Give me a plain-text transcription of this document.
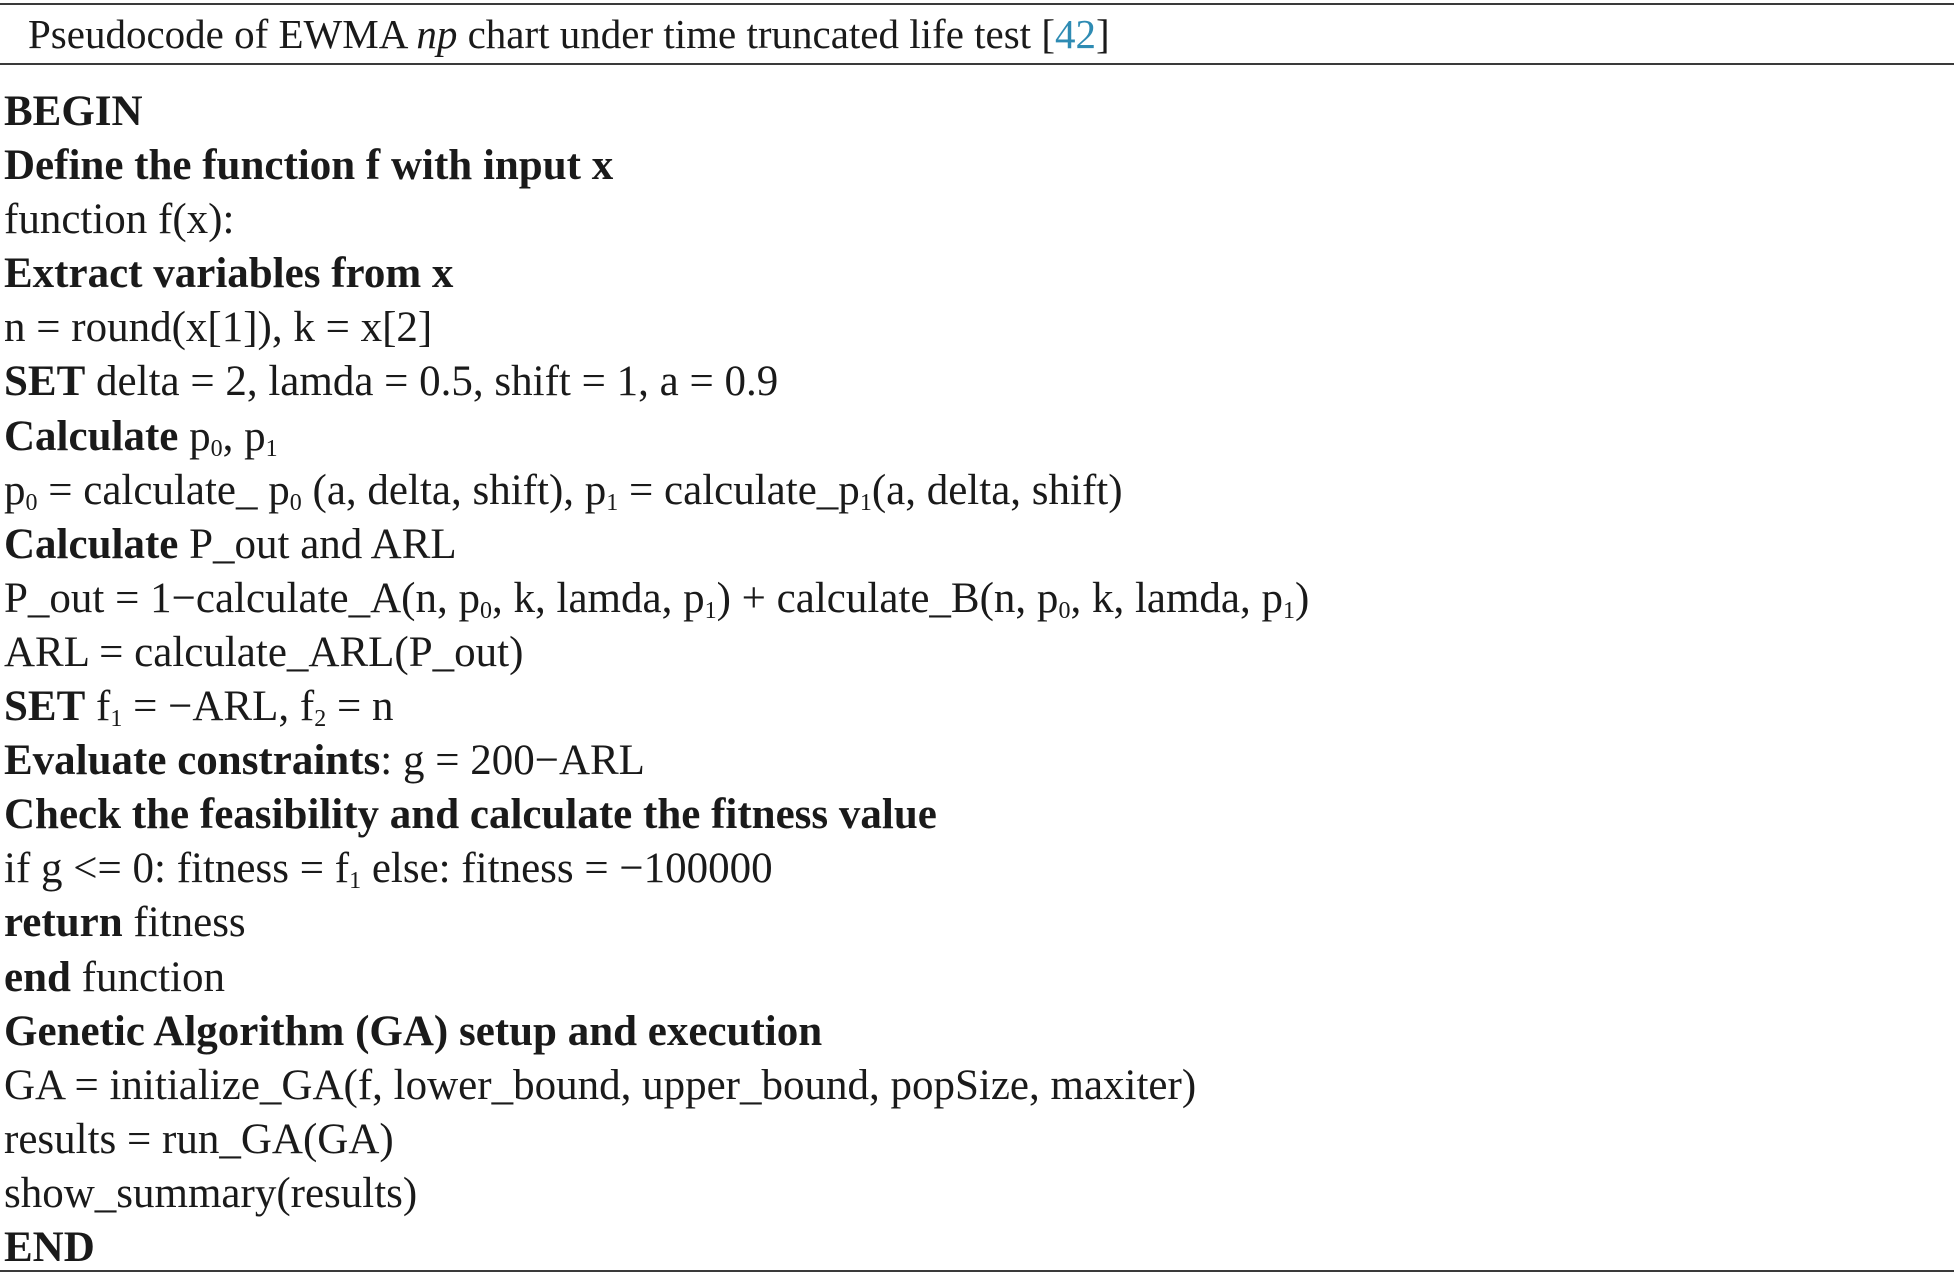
Pseudocode of EWMA np chart under time truncated life test [42]
BEGIN
Define the function f with input x
function f(x):
Extract variables from x
n = round(x[1]), k = x[2]
SET delta = 2, lamda = 0.5, shift = 1, a = 0.9
Calculate $p_0$, $p_1$
$p_0$ = calculate_ $p_0$ (a, delta, shift), $p_1$ = $calculate\_p_1(a$, delta, shift)
Calculate P_out and ARL
P_out = 1−calculate_A(n, $p_0$, k, lamda, $p_1$) + calculate_B(n, $p_0$, k, lamda, $p_1$)
ARL = calculate_ARL(P_out)
SET $f_1 = -ARL$, $f_2 = n$
Evaluate constraints: g = 200−ARL
Check the feasibility and calculate the fitness value
if g <= 0: fitness = $f_1$ else: fitness = −100000
return fitness
end function
Genetic Algorithm (GA) setup and execution
GA = initialize_GA(f, lower_bound, upper_bound, popSize, maxiter)
results = run_GA(GA)
show_summary(results)
END
